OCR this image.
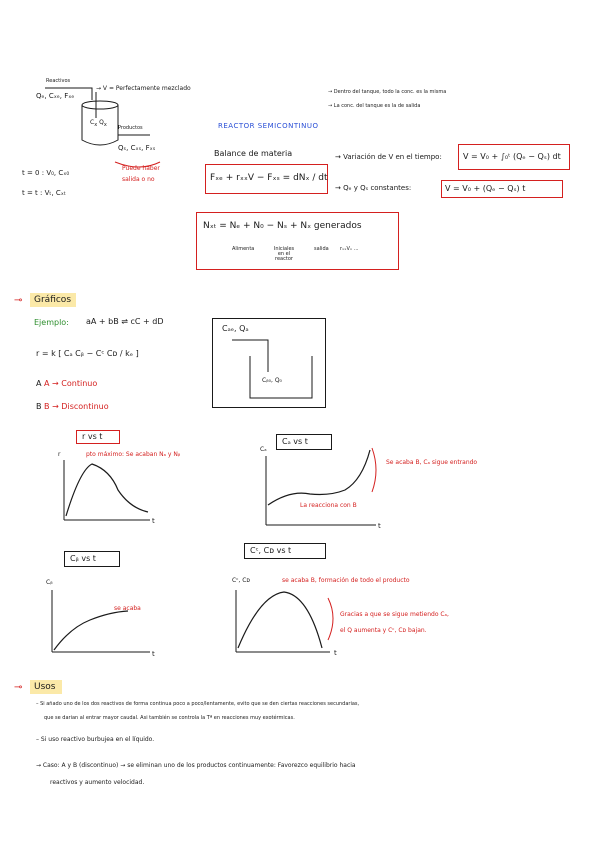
Reactivos
Qₑ, Cₓₑ, Fₓₑ
→ V = Perfectamente mezclado
$C_x$ $Q_x$ Productos
Qₛ, Cₓₛ, Fₓₛ
Puede haber
salida o no
t = 0 : V₀, Cₓ₀
t = t : Vₜ, Cₓₜ
→ Dentro del tanque, todo la conc. es la misma
→ La conc. del tanque es la de salida
REACTOR SEMICONTINUO
Balance de materia
Fₓₑ + rₓₓV − Fₓₛ = dNₓ / dt
→ Variación de V en el tiempo:	V = V₀ + ∫₀ᵗ (Qₑ − Qₛ) dt
→ Qₑ y Qₛ constantes:	V = V₀ + (Qₑ − Qₛ) t
Nₓₜ = Nₑ + N₀ − Nₛ + Nₓ generados
Alimenta	Iniciales en el reactor
salida rₓₓVₓ ...
⊸ Gráficos
Ejemplo: aA + bB ⇌ cC + dD
r = k [ Cₐ Cᵦ − Cᶜ Cᴅ / kₑ ]
A A → Continuo
B B → Discontinuo
Cₐₑ, Qₐ
Cᵦ₀, Q₀
r vs t
r
t
pto máximo: Se acaban Nₐ y Nᵦ
Cₐ vs t
Cₐ
t
Se acaba B, Cₐ sigue entrando
La reacciona con B
Cᵦ vs t
Cᵦ
t
se acaba
Cᶜ, Cᴅ vs t
Cᶜ, Cᴅ
t
se acaba B, formación de todo el producto
Gracias a que se sigue metiendo Cₐ,
el Q aumenta y Cᶜ, Cᴅ bajan.
⊸ Usos
– Si añado uno de los dos reactivos de forma continua poco a poco/lentamente, evito que se den ciertas reacciones secundarias,
que se darian al entrar mayor caudal. Asi también se controla la Tª en reacciones muy exotérmicas.
– Si uso reactivo burbujea en el líquido.
→ Caso: A y B (discontinuo) → se eliminan uno de los productos continuamente: Favorezco equilibrio hacia
reactivos y aumento velocidad.
